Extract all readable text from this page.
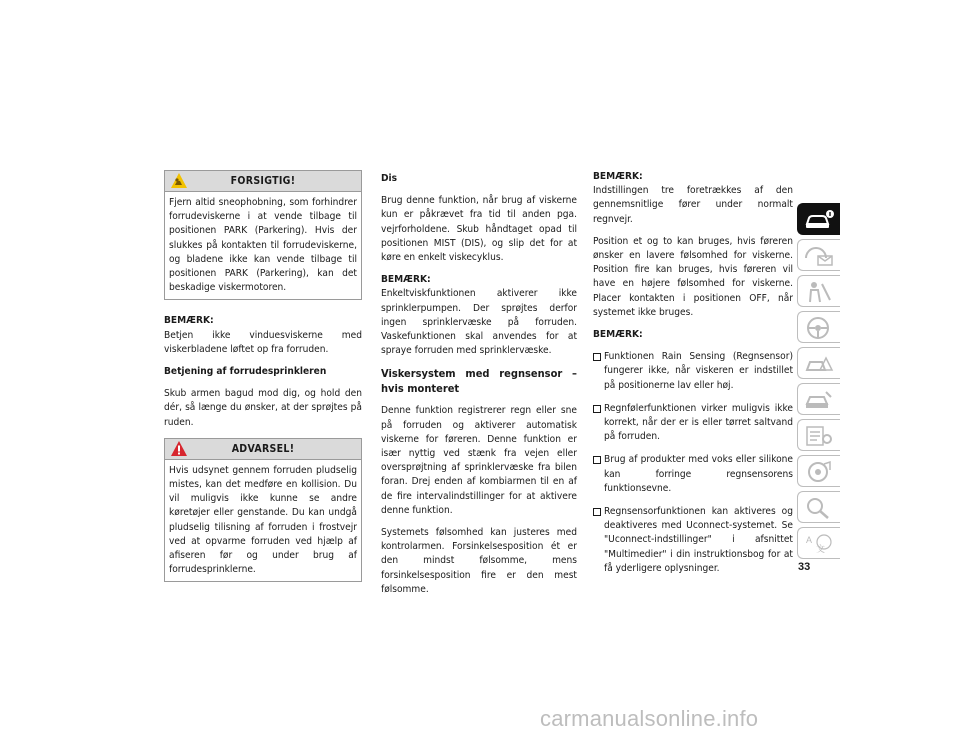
FORSIGTIG!

Fjern altid sneophobning, som forhindrer forrudeviskerne i at vende tilbage til positionen PARK (Parkering). Hvis der slukkes på kontakten til forrudeviskerne, og bladene ikke kan vende tilbage til positionen PARK (Parkering), kan det beskadige viskermotoren.

BEMÆRK:
Betjen ikke vinduesviskerne med viskerbladene løftet op fra forruden.

Betjening af forrudesprinkleren

Skub armen bagud mod dig, og hold den dér, så længe du ønsker, at der sprøjtes på ruden.

ADVARSEL!

Hvis udsynet gennem forruden pludselig mistes, kan det medføre en kollision. Du vil muligvis ikke kunne se andre køretøjer eller genstande. Du kan undgå pludselig tilisning af forruden i frostvejr ved at opvarme forruden ved hjælp af afiseren før og under brug af forrudesprinklerne.

Dis

Brug denne funktion, når brug af viskerne kun er påkrævet fra tid til anden pga. vejrforholdene. Skub håndtaget opad til positionen MIST (DIS), og slip det for at køre en enkelt viskecyklus.

BEMÆRK:
Enkeltviskfunktionen aktiverer ikke sprinklerpumpen. Der sprøjtes derfor ingen sprinklervæske på forruden. Vaskefunktionen skal anvendes for at spraye forruden med sprinklervæske.

Viskersystem med regnsensor – hvis monteret

Denne funktion registrerer regn eller sne på forruden og aktiverer automatisk viskerne for føreren. Denne funktion er især nyttig ved stænk fra vejen eller oversprøjtning af sprinklervæske fra bilen foran. Drej enden af kombiarmen til en af de fire intervalindstillinger for at aktivere denne funktion.

Systemets følsomhed kan justeres med kontrolarmen. Forsinkelsesposition ét er den mindst følsomme, mens forsinkelsesposition fire er den mest følsomme.

BEMÆRK:
Indstillingen tre foretrækkes af den gennemsnitlige fører under normalt regnvejr.

Position et og to kan bruges, hvis føreren ønsker en lavere følsomhed for viskerne. Position fire kan bruges, hvis føreren vil have en højere følsomhed for viskerne. Placer kontakten i positionen OFF, når systemet ikke bruges.

BEMÆRK:

Funktionen Rain Sensing (Regnsensor) fungerer ikke, når viskeren er indstillet på positionerne lav eller høj.
Regnfølerfunktionen virker muligvis ikke korrekt, når der er is eller tørret saltvand på forruden.
Brug af produkter med voks eller silikone kan forringe regnsensorens funktionsevne.
Regnsensorfunktionen kan aktiveres og deaktiveres med Uconnect-systemet. Se "Uconnect-indstillinger" i afsnittet "Multimedier" i din instruktionsbog for at få yderligere oplysninger.
A
文
33
carmanualsonline.info
